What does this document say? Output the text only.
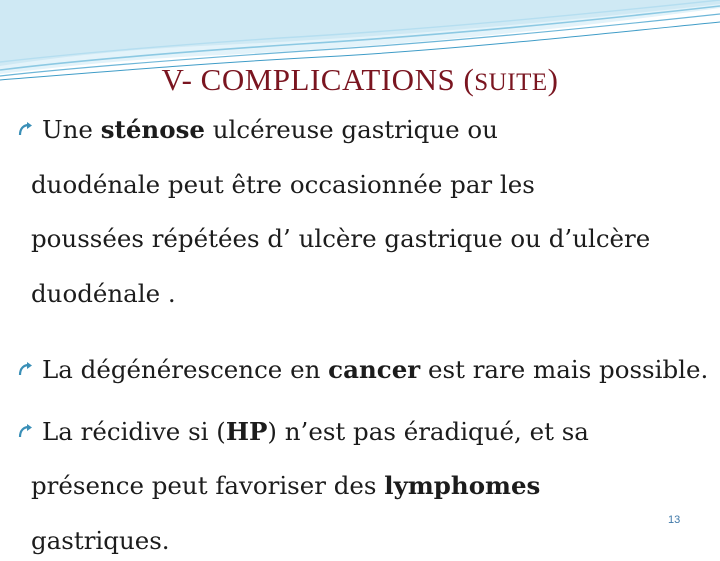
V- COMPLICATIONS (SUITE)
Une sténose ulcéreuse gastrique ou
duodénale peut être occasionnée par les
poussées répétées d’ ulcère gastrique ou d’ulcère
duodénale .
La dégénérescence en cancer est rare mais possible.
La récidive si (HP) n’est pas éradiqué, et sa
présence peut favoriser des lymphomes
gastriques.
13
